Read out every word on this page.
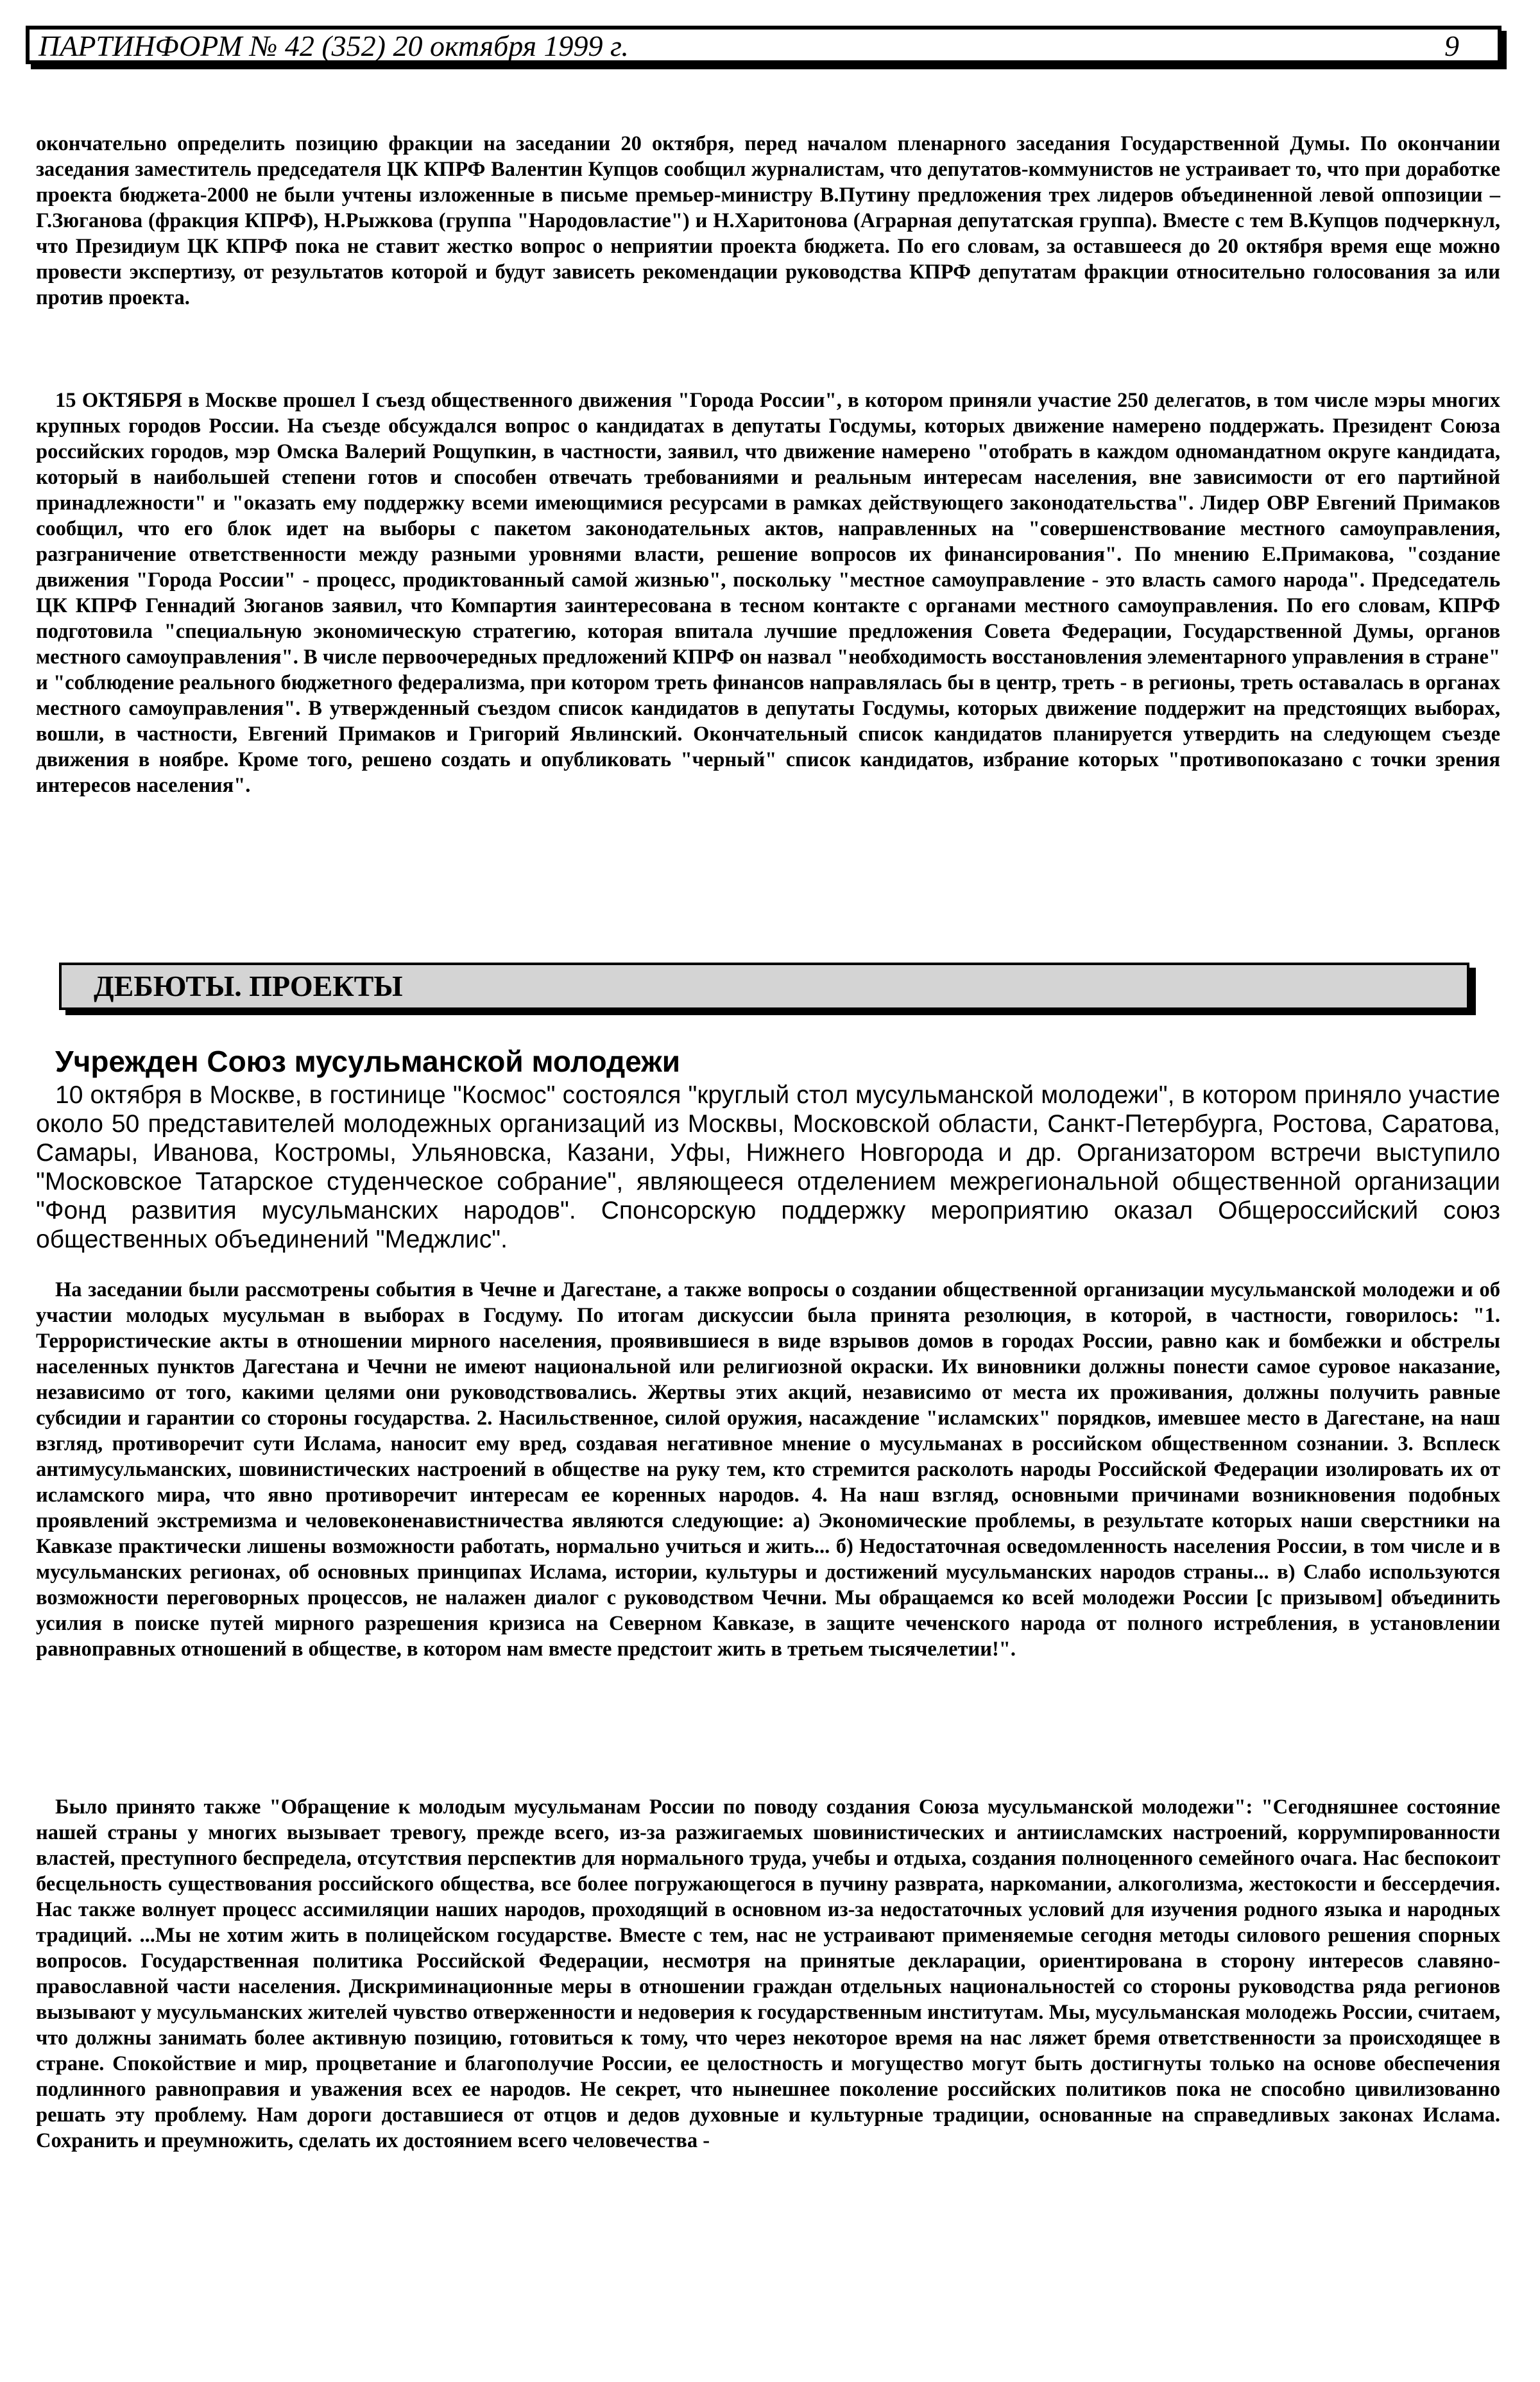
ПАРТИНФОРМ № 42 (352) 20 октября 1999 г.	9
окончательно определить позицию фракции на заседании 20 октября, перед началом пленарного заседания Государственной Думы. По окончании заседания заместитель председателя ЦК КПРФ Валентин Купцов сообщил журналистам, что депутатов-коммунистов не устраивает то, что при доработке проекта бюджета-2000 не были учтены изложенные в письме премьер-министру В.Путину предложения трех лидеров объединенной левой оппозиции – Г.Зюганова (фракция КПРФ), Н.Рыжкова (группа "Народовластие") и Н.Харитонова (Аграрная депутатская группа). Вместе с тем В.Купцов подчеркнул, что Президиум ЦК КПРФ пока не ставит жестко вопрос о неприятии проекта бюджета. По его словам, за оставшееся до 20 октября время еще можно провести экспертизу, от результатов которой и будут зависеть рекомендации руководства КПРФ депутатам фракции относительно голосования за или против проекта.
15 ОКТЯБРЯ в Москве прошел I съезд общественного движения "Города России", в котором приняли участие 250 делегатов, в том числе мэры многих крупных городов России. На съезде обсуждался вопрос о кандидатах в депутаты Госдумы, которых движение намерено поддержать. Президент Союза российских городов, мэр Омска Валерий Рощупкин, в частности, заявил, что движение намерено "отобрать в каждом одномандатном округе кандидата, который в наибольшей степени готов и способен отвечать требованиями и реальным интересам населения, вне зависимости от его партийной принадлежности" и "оказать ему поддержку всеми имеющимися ресурсами в рамках действующего законодательства". Лидер ОВР Евгений Примаков сообщил, что его блок идет на выборы с пакетом законодательных актов, направленных на "совершенствование местного самоуправления, разграничение ответственности между разными уровнями власти, решение вопросов их финансирования". По мнению Е.Примакова, "создание движения "Города России" - процесс, продиктованный самой жизнью", поскольку "местное самоуправление - это власть самого народа". Председатель ЦК КПРФ Геннадий Зюганов заявил, что Компартия заинтересована в тесном контакте с органами местного самоуправления. По его словам, КПРФ подготовила "специальную экономическую стратегию, которая впитала лучшие предложения Совета Федерации, Государственной Думы, органов местного самоуправления". В числе первоочередных предложений КПРФ он назвал "необходимость восстановления элементарного управления в стране" и "соблюдение реального бюджетного федерализма, при котором треть финансов направлялась бы в центр, треть - в регионы, треть оставалась в органах местного самоуправления". В утвержденный съездом список кандидатов в депутаты Госдумы, которых движение поддержит на предстоящих выборах, вошли, в частности, Евгений Примаков и Григорий Явлинский. Окончательный список кандидатов планируется утвердить на следующем съезде движения в ноябре. Кроме того, решено создать и опубликовать "черный" список кандидатов, избрание которых "противопоказано с точки зрения интересов населения".
ДЕБЮТЫ. ПРОЕКТЫ
Учрежден Союз мусульманской молодежи
10 октября в Москве, в гостинице "Космос" состоялся "круглый стол мусульманской молодежи", в котором приняло участие около 50 представителей молодежных организаций из Москвы, Московской области, Санкт-Петербурга, Ростова, Саратова, Самары, Иванова, Костромы, Ульяновска, Казани, Уфы, Нижнего Новгорода и др. Организатором встречи выступило "Московское Татарское студенческое собрание", являющееся отделением межрегиональной общественной организации "Фонд развития мусульманских народов". Спонсорскую поддержку мероприятию оказал Общероссийский союз общественных объединений "Меджлис".
На заседании были рассмотрены события в Чечне и Дагестане, а также вопросы о создании общественной организации мусульманской молодежи и об участии молодых мусульман в выборах в Госдуму. По итогам дискуссии была принята резолюция, в которой, в частности, говорилось: "1. Террористические акты в отношении мирного населения, проявившиеся в виде взрывов домов в городах России, равно как и бомбежки и обстрелы населенных пунктов Дагестана и Чечни не имеют национальной или религиозной окраски. Их виновники должны понести самое суровое наказание, независимо от того, какими целями они руководствовались. Жертвы этих акций, независимо от места их проживания, должны получить равные субсидии и гарантии со стороны государства. 2. Насильственное, силой оружия, насаждение "исламских" порядков, имевшее место в Дагестане, на наш взгляд, противоречит сути Ислама, наносит ему вред, создавая негативное мнение о мусульманах в российском общественном сознании. 3. Всплеск антимусульманских, шовинистических настроений в обществе на руку тем, кто стремится расколоть народы Российской Федерации изолировать их от исламского мира, что явно противоречит интересам ее коренных народов. 4. На наш взгляд, основными причинами возникновения подобных проявлений экстремизма и человеконенавистничества являются следующие: а) Экономические проблемы, в результате которых наши сверстники на Кавказе практически лишены возможности работать, нормально учиться и жить... б) Недостаточная осведомленность населения России, в том числе и в мусульманских регионах, об основных принципах Ислама, истории, культуры и достижений мусульманских народов страны... в) Слабо используются возможности переговорных процессов, не налажен диалог с руководством Чечни. Мы обращаемся ко всей молодежи России [с призывом] объединить усилия в поиске путей мирного разрешения кризиса на Северном Кавказе, в защите чеченского народа от полного истребления, в установлении равноправных отношений в обществе, в котором нам вместе предстоит жить в третьем тысячелетии!".
Было принято также "Обращение к молодым мусульманам России по поводу создания Союза мусульманской молодежи": "Сегодняшнее состояние нашей страны у многих вызывает тревогу, прежде всего, из-за разжигаемых шовинистических и антиисламских настроений, коррумпированности властей, преступного беспредела, отсутствия перспектив для нормального труда, учебы и отдыха, создания полноценного семейного очага. Нас беспокоит бесцельность существования российского общества, все более погружающегося в пучину разврата, наркомании, алкоголизма, жестокости и бессердечия. Нас также волнует процесс ассимиляции наших народов, проходящий в основном из-за недостаточных условий для изучения родного языка и народных традиций. ...Мы не хотим жить в полицейском государстве. Вместе с тем, нас не устраивают применяемые сегодня методы силового решения спорных вопросов. Государственная политика Российской Федерации, несмотря на принятые декларации, ориентирована в сторону интересов славяно-православной части населения. Дискриминационные меры в отношении граждан отдельных национальностей со стороны руководства ряда регионов вызывают у мусульманских жителей чувство отверженности и недоверия к государственным институтам. Мы, мусульманская молодежь России, считаем, что должны занимать более активную позицию, готовиться к тому, что через некоторое время на нас ляжет бремя ответственности за происходящее в стране. Спокойствие и мир, процветание и благополучие России, ее целостность и могущество могут быть достигнуты только на основе обеспечения подлинного равноправия и уважения всех ее народов. Не секрет, что нынешнее поколение российских политиков пока не способно цивилизованно решать эту проблему. Нам дороги доставшиеся от отцов и дедов духовные и культурные традиции, основанные на справедливых законах Ислама. Сохранить и преумножить, сделать их достоянием всего человечества -
